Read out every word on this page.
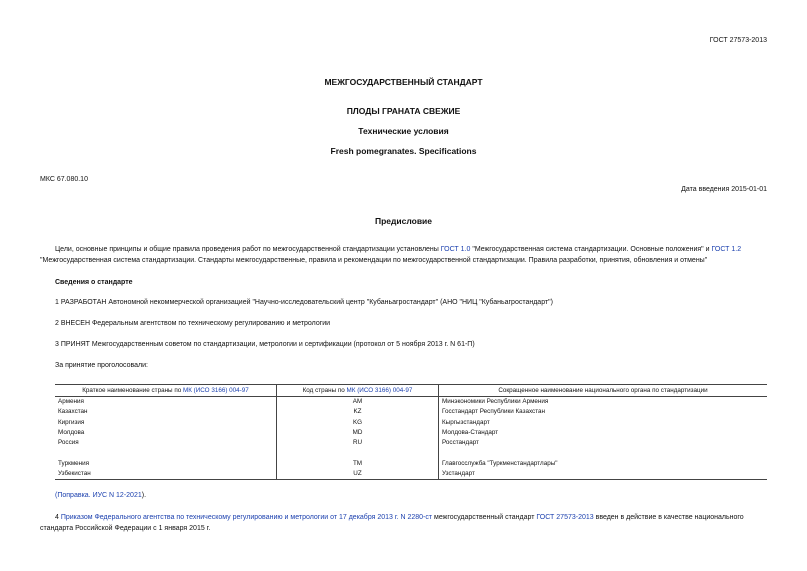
ГОСТ 27573-2013
МЕЖГОСУДАРСТВЕННЫЙ СТАНДАРТ
ПЛОДЫ ГРАНАТА СВЕЖИЕ
Технические условия
Fresh pomegranates. Specifications
МКС 67.080.10
Дата введения 2015-01-01
Предисловие

Цели, основные принципы и общие правила проведения работ по межгосударственной стандартизации установлены ГОСТ 1.0 "Межгосударственная система стандартизации. Основные положения" и ГОСТ 1.2
"Межгосударственная система стандартизации. Стандарты межгосударственные, правила и рекомендации по межгосударственной стандартизации. Правила разработки, принятия, обновления и отмены"

Сведения о стандарте
1 РАЗРАБОТАН Автономной некоммерческой организацией "Научно-исследовательский центр "Кубаньагростандарт" (АНО "НИЦ "Кубаньагростандарт")
2 ВНЕСЕН Федеральным агентством по техническому регулированию и метрологии
3 ПРИНЯТ Межгосударственным советом по стандартизации, метрологии и сертификации (протокол от 5 ноября 2013 г. N 61-П)
За принятие проголосовали:
Краткое наименование страны по МК (ИСО 3166) 004-97	Код страны по МК (ИСО 3166) 004-97	Сокращенное наименование национального органа по стандартизации
Армения	AM	Минэкономики Республики Армения
Казахстан	KZ	Госстандарт Республики Казахстан
Киргизия	KG	Кыргызстандарт
Молдова	MD	Молдова-Стандарт
Россия	RU	Росстандарт

Туркмения	TM	Главгосслужба "Туркменстандартлары"
Узбекистан	UZ	Узстандарт
(Поправка. ИУС N 12-2021).

4 Приказом Федерального агентства по техническому регулированию и метрологии от 17 декабря 2013 г. N 2280-ст межгосударственный стандарт ГОСТ 27573-2013 введен в действие в качестве национального
стандарта Российской Федерации с 1 января 2015 г.
